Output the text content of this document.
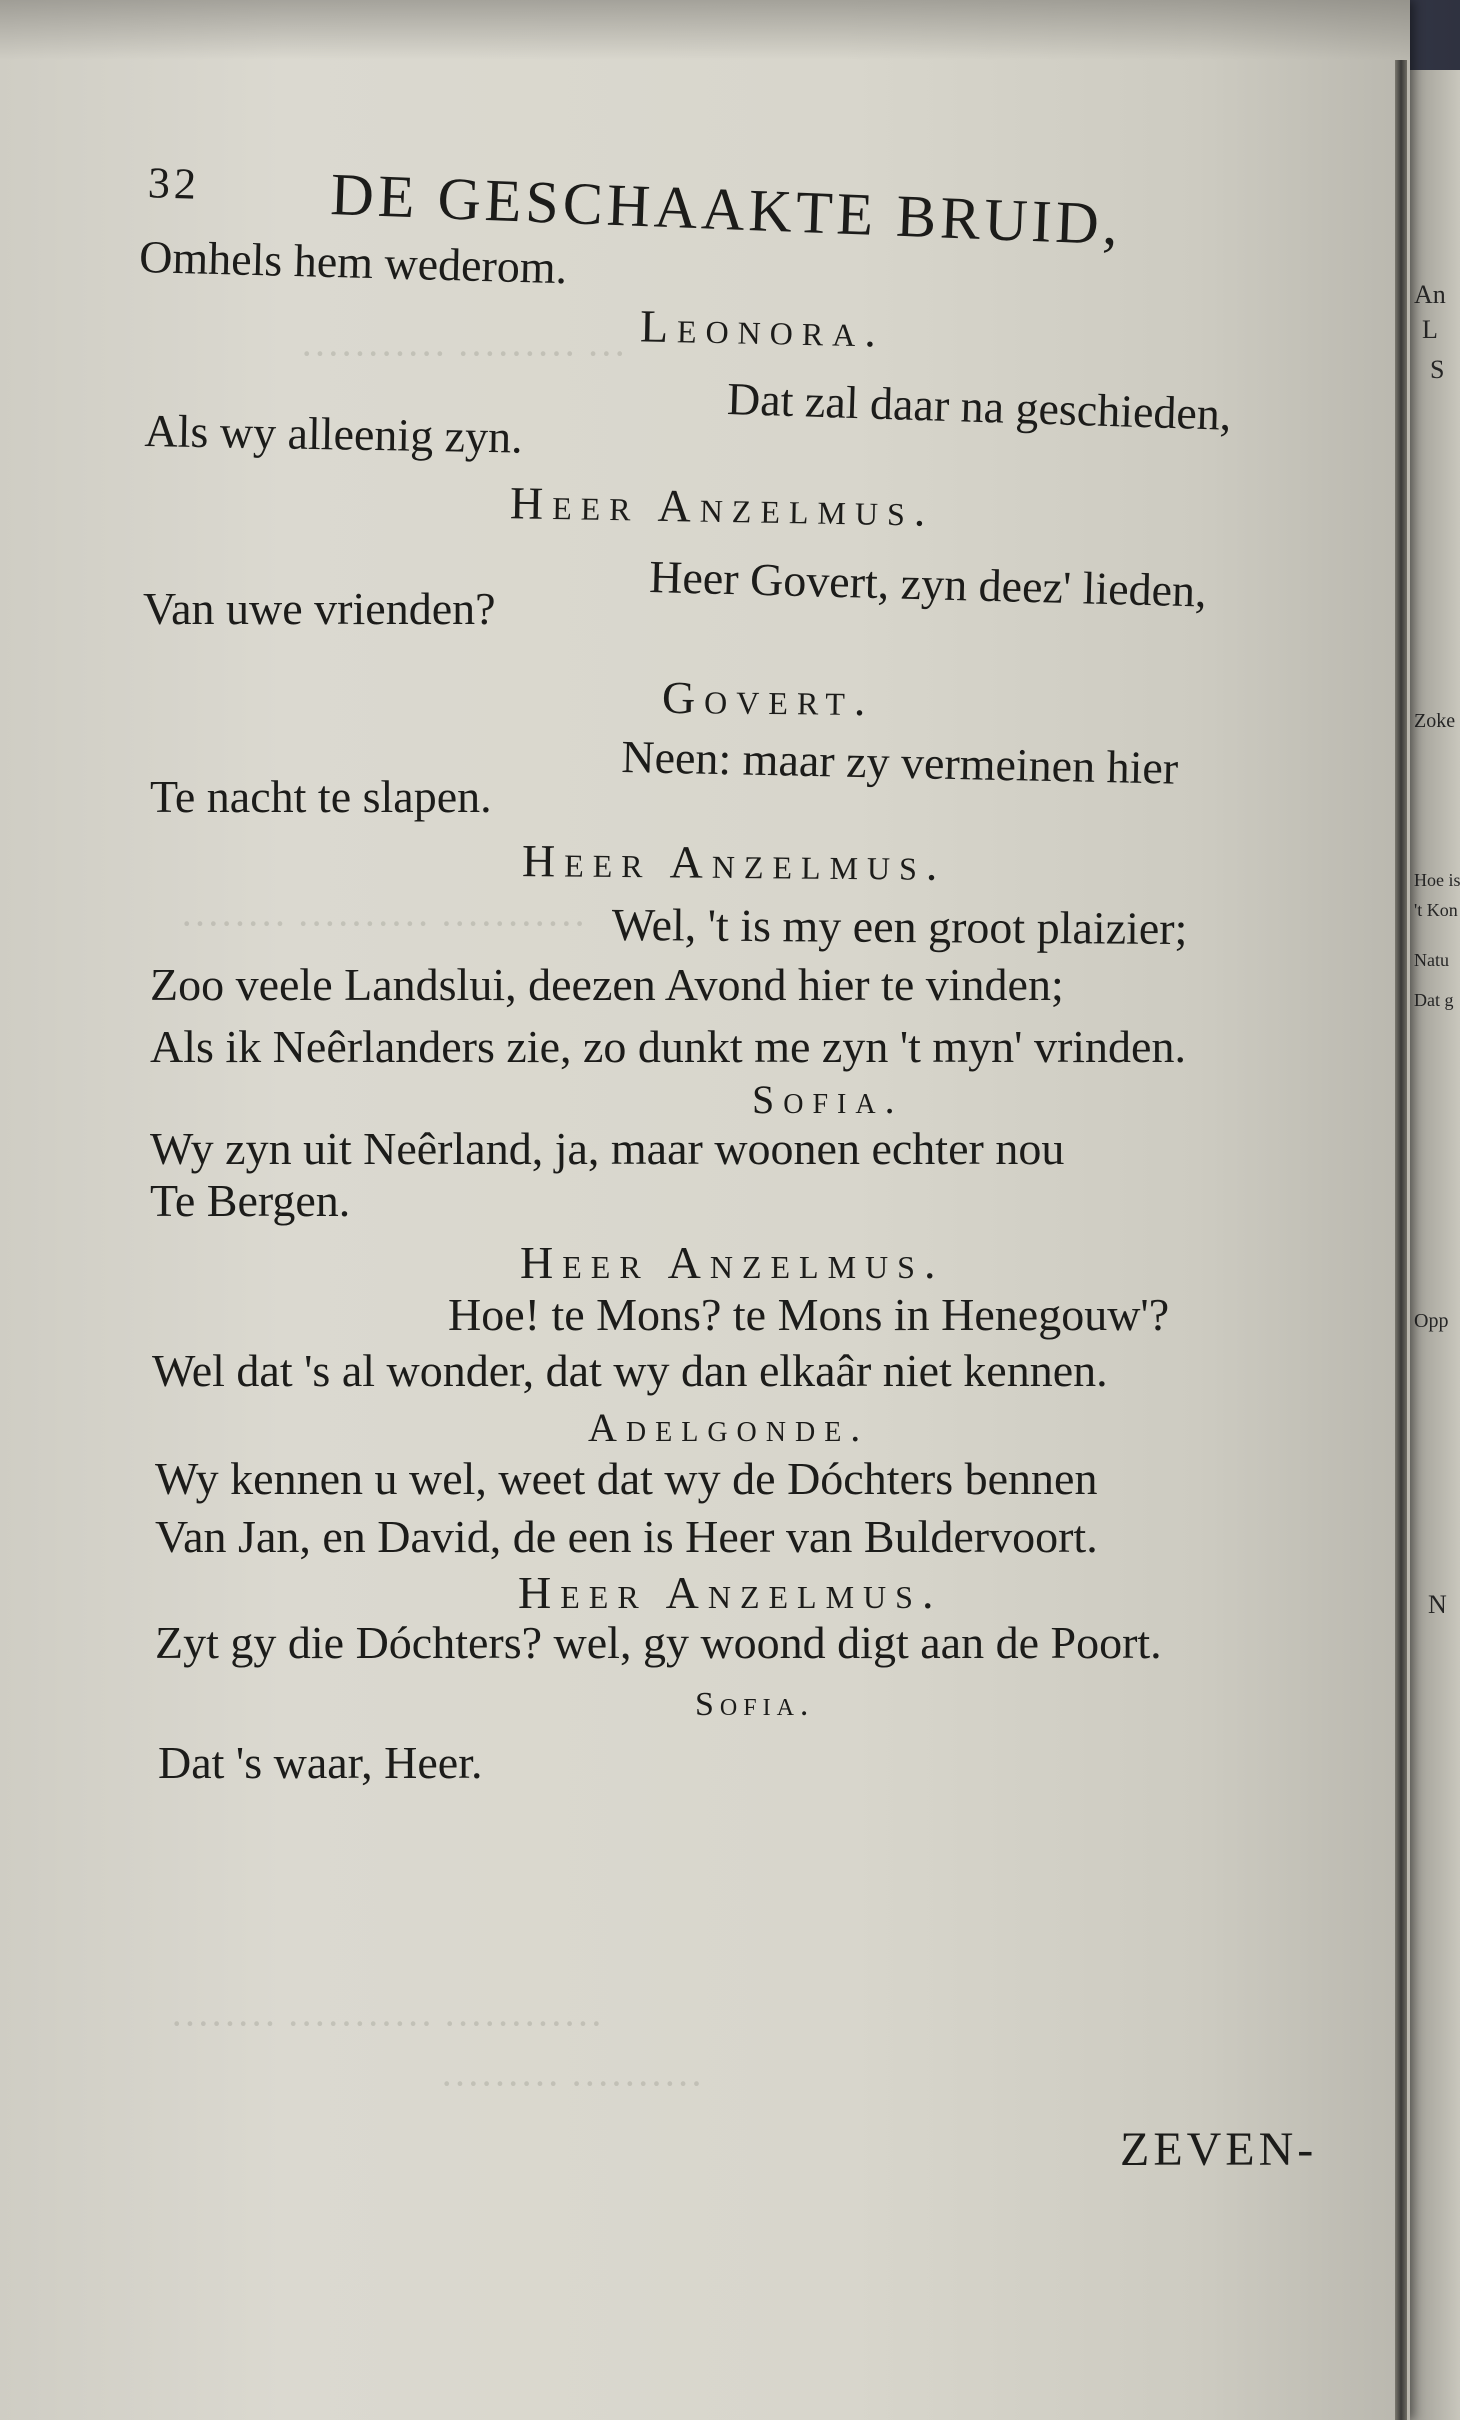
An
L
S
Zoke
Hoe is
't Kon
Natu
Dat g
Opp
N
··· ········· ···········
··········· ·········· ········
············ ··········· ········
·········· ·········
32 DE GESCHAAKTE BRUID,
Omhels hem wederom.
Leonora.
Dat zal daar na geschieden,
Als wy alleenig zyn.
Heer Anzelmus.
Heer Govert, zyn deez' lieden,
Van uwe vrienden?
Govert.
Neen: maar zy vermeinen hier
Te nacht te slapen.
Heer Anzelmus.
Wel, 't is my een groot plaizier;
Zoo veele Landslui, deezen Avond hier te vinden;
Als ik Neêrlanders zie, zo dunkt me zyn 't myn' vrinden.
Sofia.
Wy zyn uit Neêrland, ja, maar woonen echter nou
Te Bergen.
Heer Anzelmus.
Hoe! te Mons? te Mons in Henegouw'?
Wel dat 's al wonder, dat wy dan elkaâr niet kennen.
Adelgonde.
Wy kennen u wel, weet dat wy de Dóchters bennen
Van Jan, en David, de een is Heer van Buldervoort.
Heer Anzelmus.
Zyt gy die Dóchters? wel, gy woond digt aan de Poort.
Sofia.
Dat 's waar, Heer.
ZEVEN-
